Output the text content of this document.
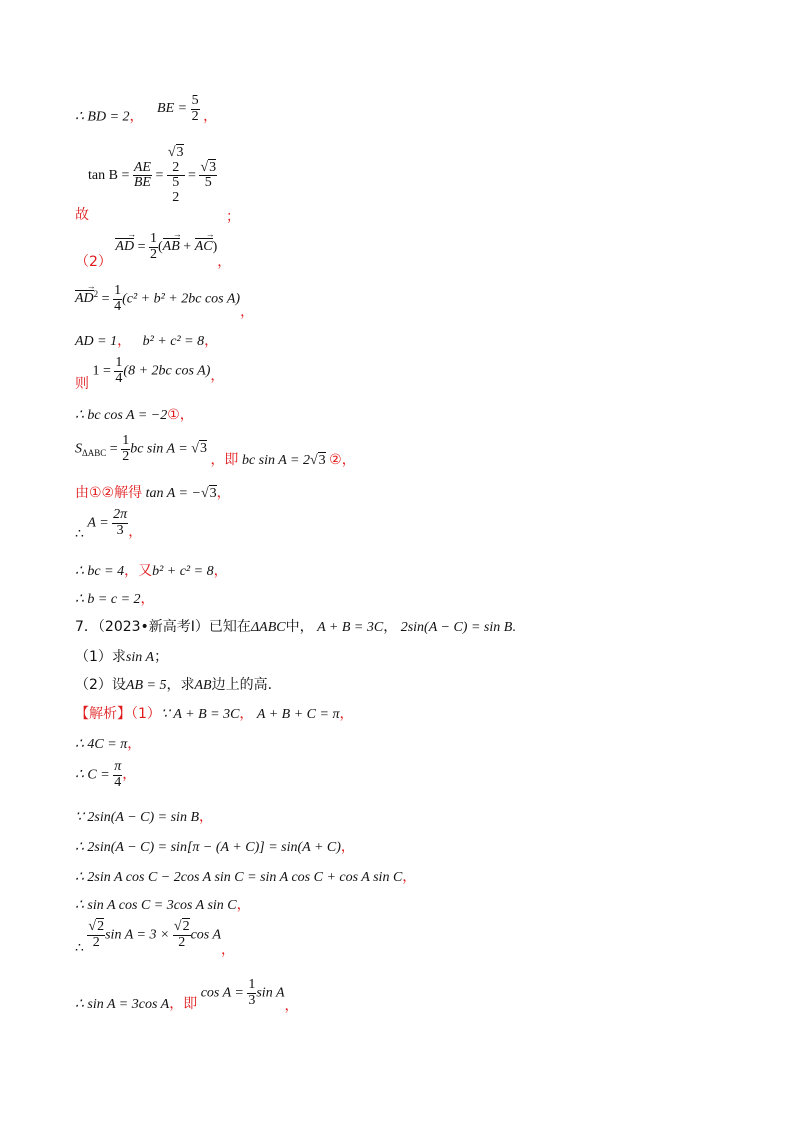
∴ BD = 2， BE = $\frac{5}{2}$ ，
$\tan B = \frac{AE}{BE}$ =
√3
2
5
2
= $\frac{√3}{5}$
故	；
（2） AD → = $\frac{1}{2} (AB$ → + AC →)，
AD $\to^2 = \frac{1}{4} (c^2 + b^2 + 2bc$ cos A)，
AD = 1， b² + c² = 8，
则 $1 = \frac{1}{4} (8 + 2bc$ cos A)，
∴ bc cos A = −2①，
$S_{\Delta ABC} = \frac{1}{2}$ bc sin A = √3 ，即 bc sin A = 2√3 ②，
由①②解得 tan A = −√3，
∴ $A = \frac{2\pi}{3}$ ，
∴ bc = 4，又b² + c² = 8，
∴ b = c = 2，
7．（2023•新高考Ⅰ）已知在ΔABC中， A + B = 3C， 2sin(A − C) = sin B.
（1）求sin A；
（2）设AB = 5，求AB边上的高.
【解析】（1）∵ A + B = 3C， A + B + C = π，
∴ 4C = π，
∴ $C = \frac{\pi}{4}$ ，
∵ 2sin(A − C) = sin B，
∴ 2sin(A − C) = sin[π − (A + C)] = sin(A + C)，
∴ 2sin A cos C − 2cos A sin C = sin A cos C + cos A sin C，
∴ sin A cos C = 3cos A sin C，
∴ $\frac{√2}{2}$ $\sin A = 3 \times \frac{√2}{2}$ cos A，
∴ sin A = 3cos A，即 $\cos A = \frac{1}{3}$ sin A，
